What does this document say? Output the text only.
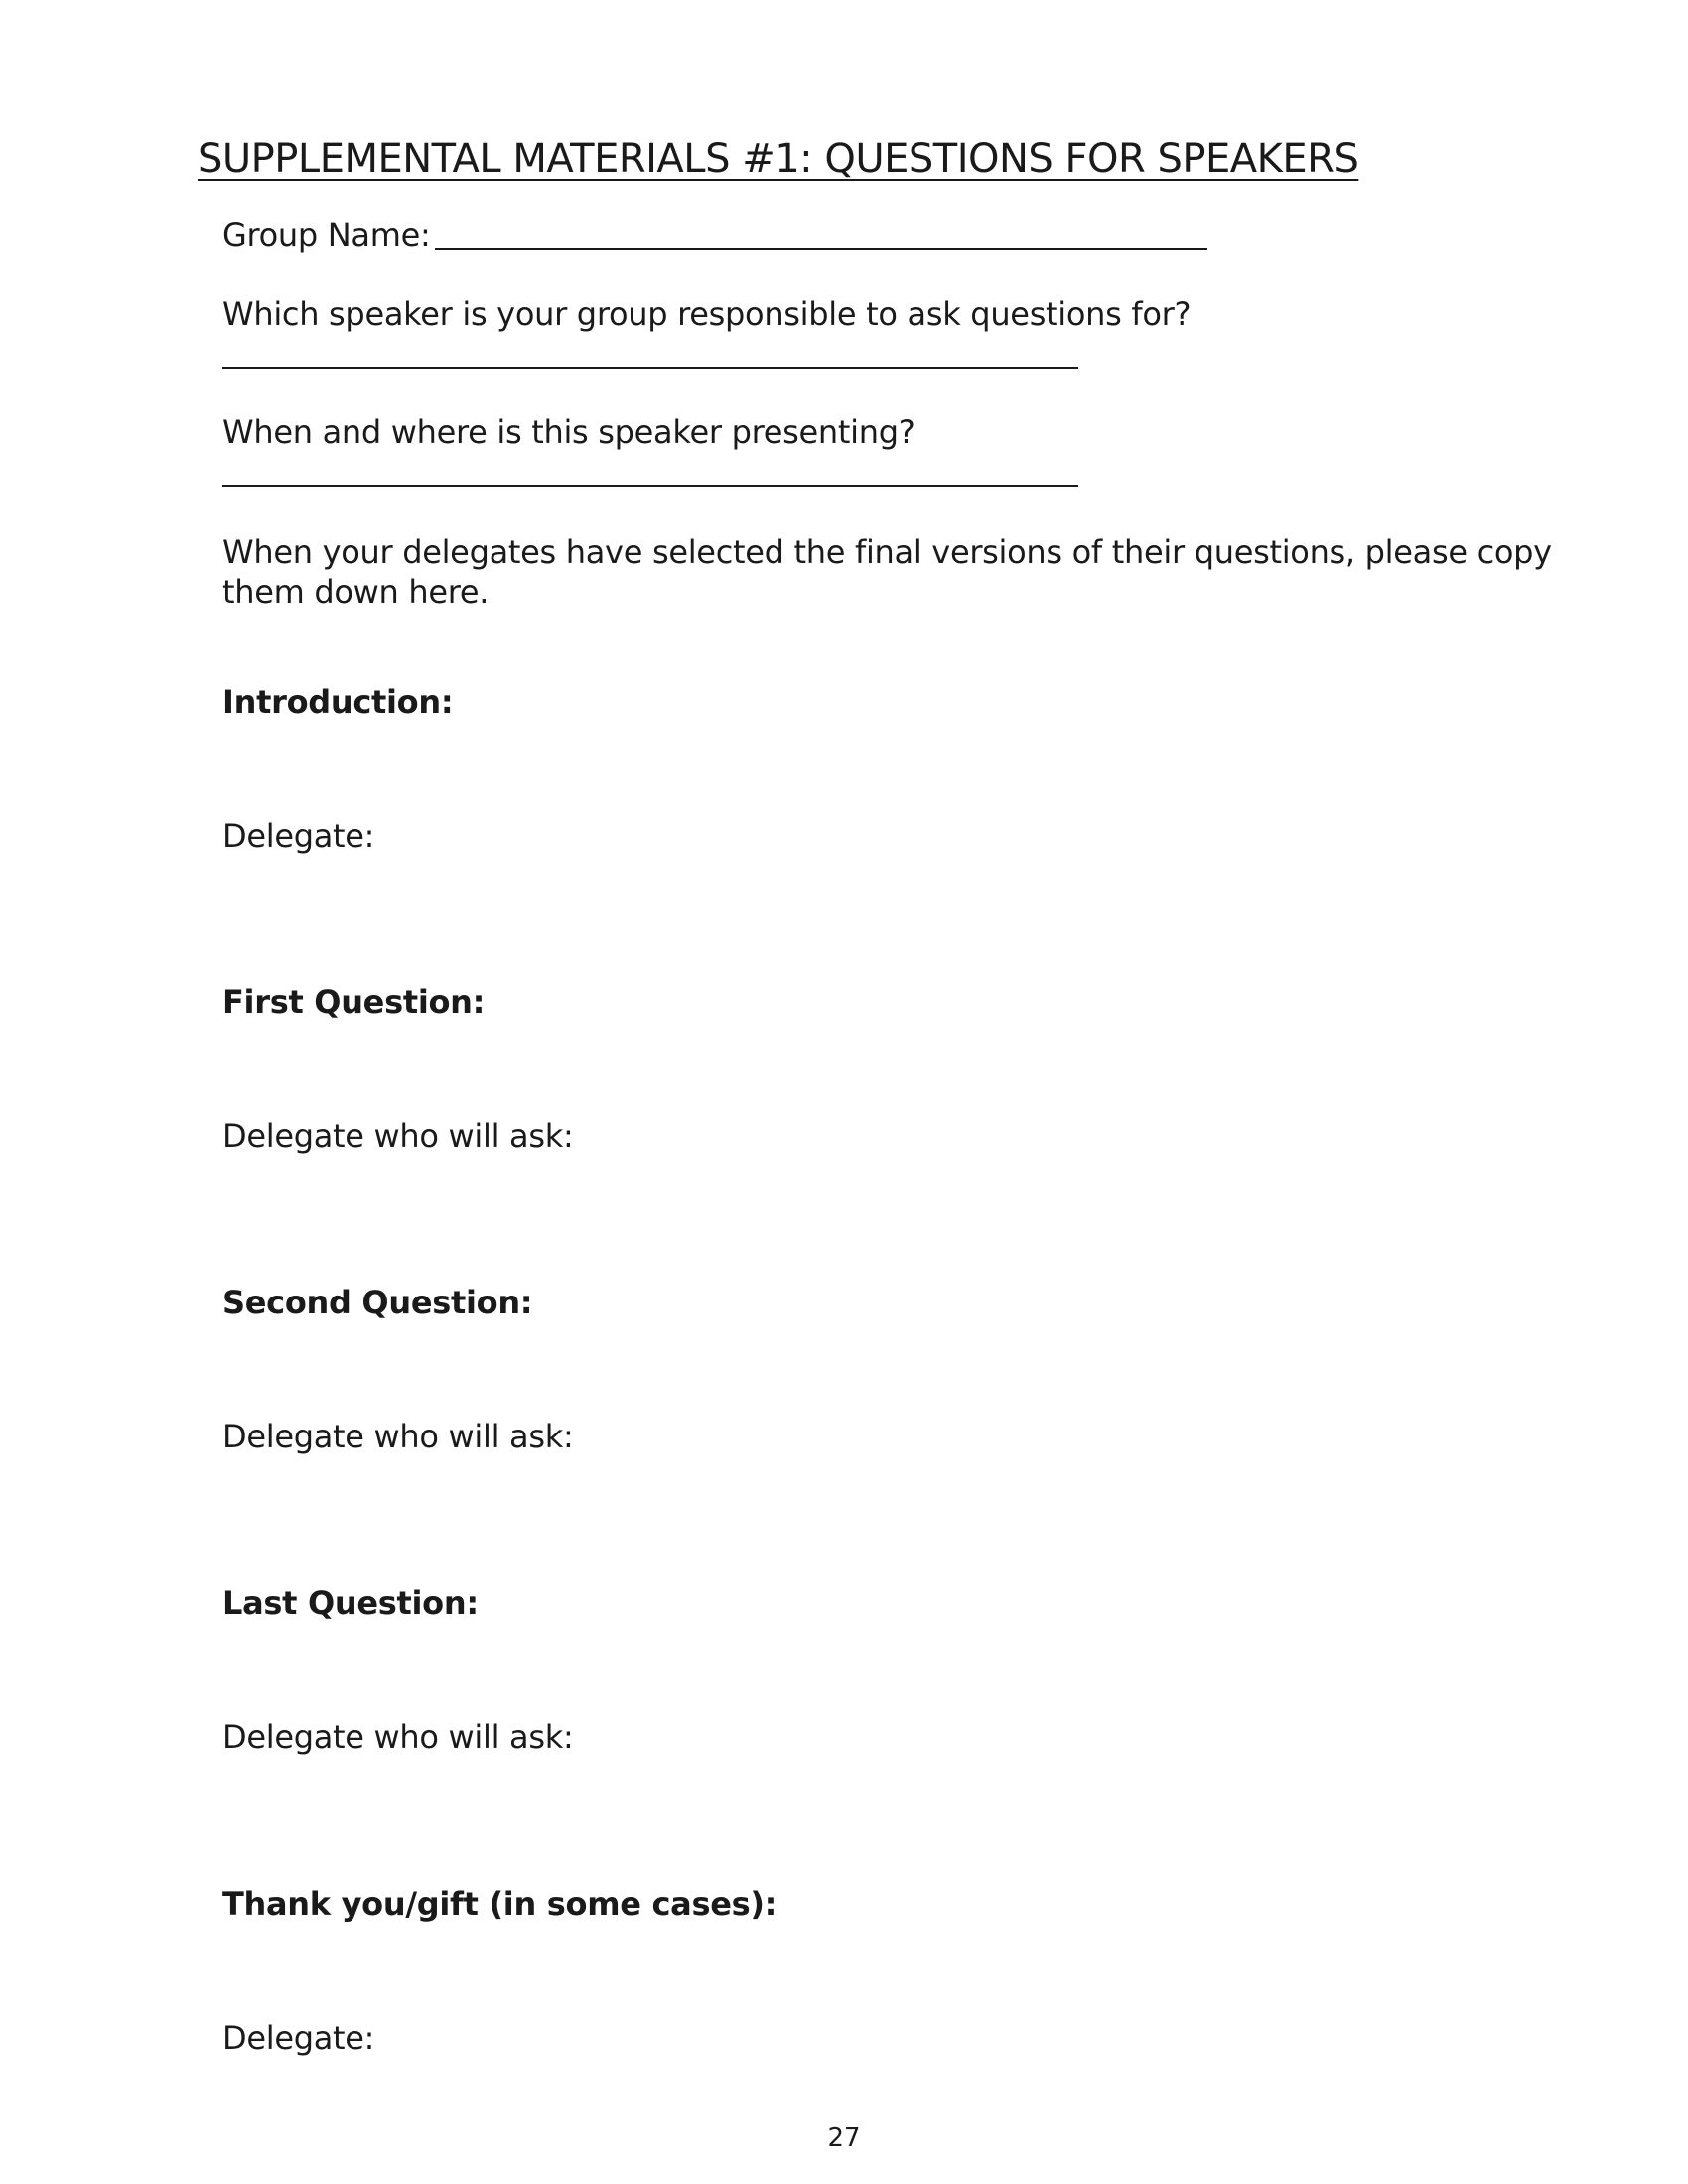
SUPPLEMENTAL MATERIALS #1: QUESTIONS FOR SPEAKERS
Group Name:
Which speaker is your group responsible to ask questions for?
When and where is this speaker presenting?
When your delegates have selected the final versions of their questions, please copy them down here.
Introduction:
Delegate:
First Question:
Delegate who will ask:
Second Question:
Delegate who will ask:
Last Question:
Delegate who will ask:
Thank you/gift (in some cases):
Delegate:
27
